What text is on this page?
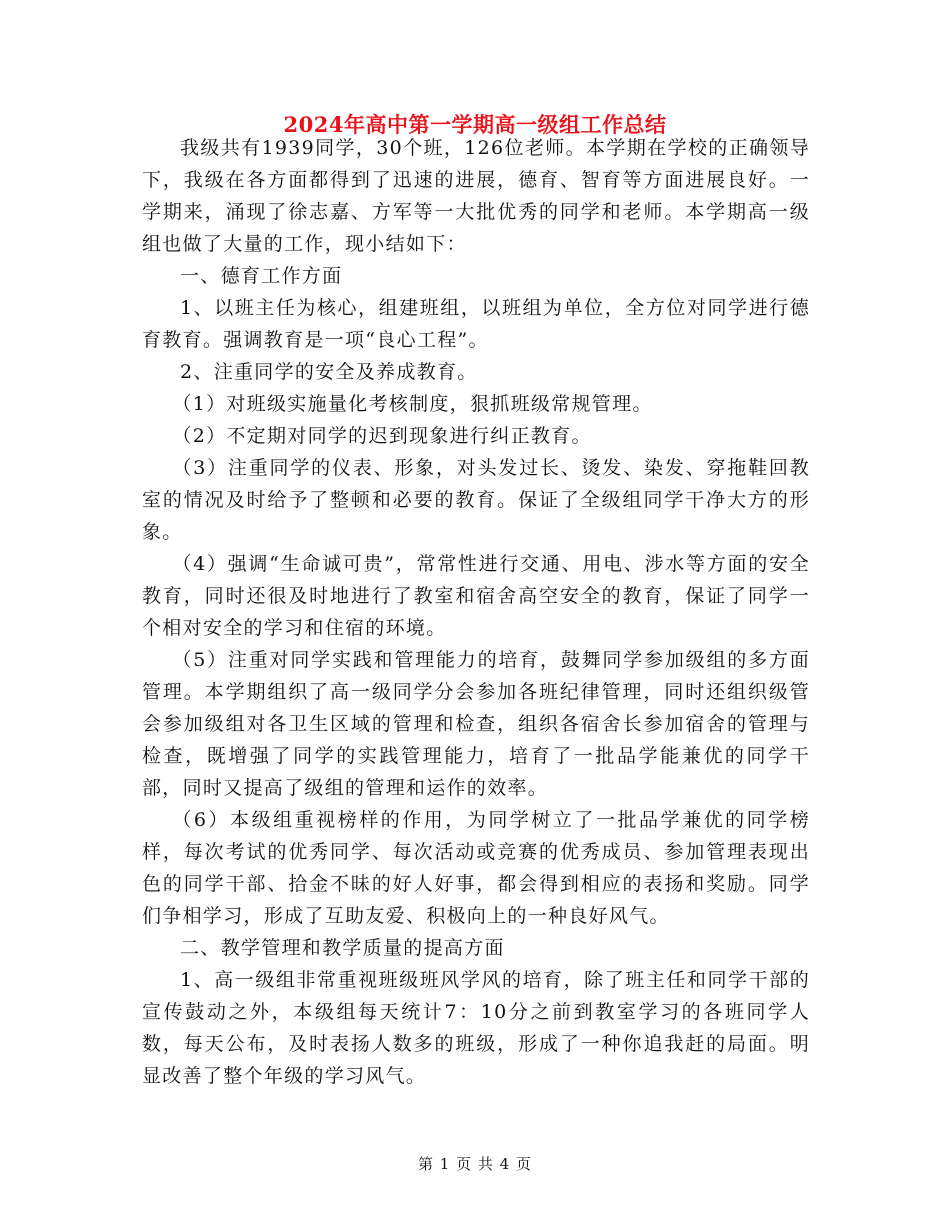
2024年高中第一学期高一级组工作总结

我级共有1939同学，30个班，126位老师。本学期在学校的正确领导下，我级在各方面都得到了迅速的进展，德育、智育等方面进展良好。一学期来，涌现了徐志嘉、方军等一大批优秀的同学和老师。本学期高一级组也做了大量的工作，现小结如下：

一、德育工作方面

1、以班主任为核心，组建班组，以班组为单位，全方位对同学进行德育教育。强调教育是一项“良心工程”。

2、注重同学的安全及养成教育。

（1）对班级实施量化考核制度，狠抓班级常规管理。

（2）不定期对同学的迟到现象进行纠正教育。

（3）注重同学的仪表、形象，对头发过长、烫发、染发、穿拖鞋回教室的情况及时给予了整顿和必要的教育。保证了全级组同学干净大方的形象。

（4）强调“生命诚可贵”，常常性进行交通、用电、涉水等方面的安全教育，同时还很及时地进行了教室和宿舍高空安全的教育，保证了同学一个相对安全的学习和住宿的环境。

（5）注重对同学实践和管理能力的培育，鼓舞同学参加级组的多方面管理。本学期组织了高一级同学分会参加各班纪律管理，同时还组织级管会参加级组对各卫生区域的管理和检查，组织各宿舍长参加宿舍的管理与检查，既增强了同学的实践管理能力，培育了一批品学能兼优的同学干部，同时又提高了级组的管理和运作的效率。

（6）本级组重视榜样的作用，为同学树立了一批品学兼优的同学榜样，每次考试的优秀同学、每次活动或竞赛的优秀成员、参加管理表现出色的同学干部、拾金不昧的好人好事，都会得到相应的表扬和奖励。同学们争相学习，形成了互助友爱、积极向上的一种良好风气。

二、教学管理和教学质量的提高方面

1、高一级组非常重视班级班风学风的培育，除了班主任和同学干部的宣传鼓动之外，本级组每天统计7：10分之前到教室学习的各班同学人数，每天公布，及时表扬人数多的班级，形成了一种你追我赶的局面。明显改善了整个年级的学习风气。

第 1 页 共 4 页
